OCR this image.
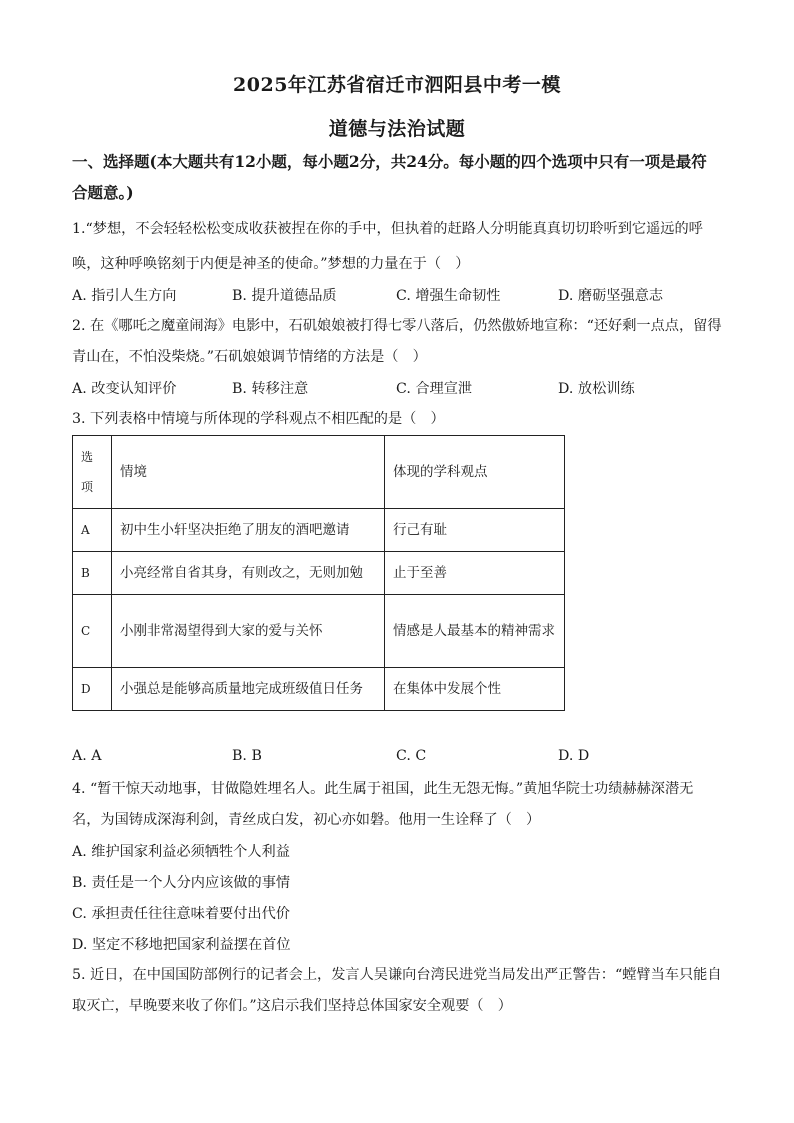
2025年江苏省宿迁市泗阳县中考一模
道德与法治试题
一、选择题(本大题共有12小题，每小题2分，共24分。每小题的四个选项中只有一项是最符合题意。)
1.“梦想，不会轻轻松松变成收获被捏在你的手中，但执着的赶路人分明能真真切切聆听到它遥远的呼
唤，这种呼唤铭刻于内便是神圣的使命。”梦想的力量在于（　）
A. 指引人生方向	B. 提升道德品质	C. 增强生命韧性	D. 磨砺坚强意志
2. 在《哪吒之魔童闹海》电影中，石矶娘娘被打得七零八落后，仍然傲娇地宣称：“还好剩一点点，留得
青山在，不怕没柴烧。”石矶娘娘调节情绪的方法是（　）
A. 改变认知评价	B. 转移注意	C. 合理宣泄	D. 放松训练
3. 下列表格中情境与所体现的学科观点不相匹配的是（　）
选项	情境	体现的学科观点
A	初中生小轩坚决拒绝了朋友的酒吧邀请	行己有耻
B	小亮经常自省其身，有则改之，无则加勉	止于至善
C	小刚非常渴望得到大家的爱与关怀	情感是人最基本的精神需求
D	小强总是能够高质量地完成班级值日任务	在集体中发展个性
A. A	B. B	C. C	D. D
4. “暂干惊天动地事，甘做隐姓埋名人。此生属于祖国，此生无怨无悔。”黄旭华院士功绩赫赫深潜无
名，为国铸成深海利剑，青丝成白发，初心亦如磐。他用一生诠释了（　）
A. 维护国家利益必须牺牲个人利益
B. 责任是一个人分内应该做的事情
C. 承担责任往往意味着要付出代价
D. 坚定不移地把国家利益摆在首位
5. 近日，在中国国防部例行的记者会上，发言人吴谦向台湾民进党当局发出严正警告：“螳臂当车只能自
取灭亡，早晚要来收了你们。”这启示我们坚持总体国家安全观要（　）
